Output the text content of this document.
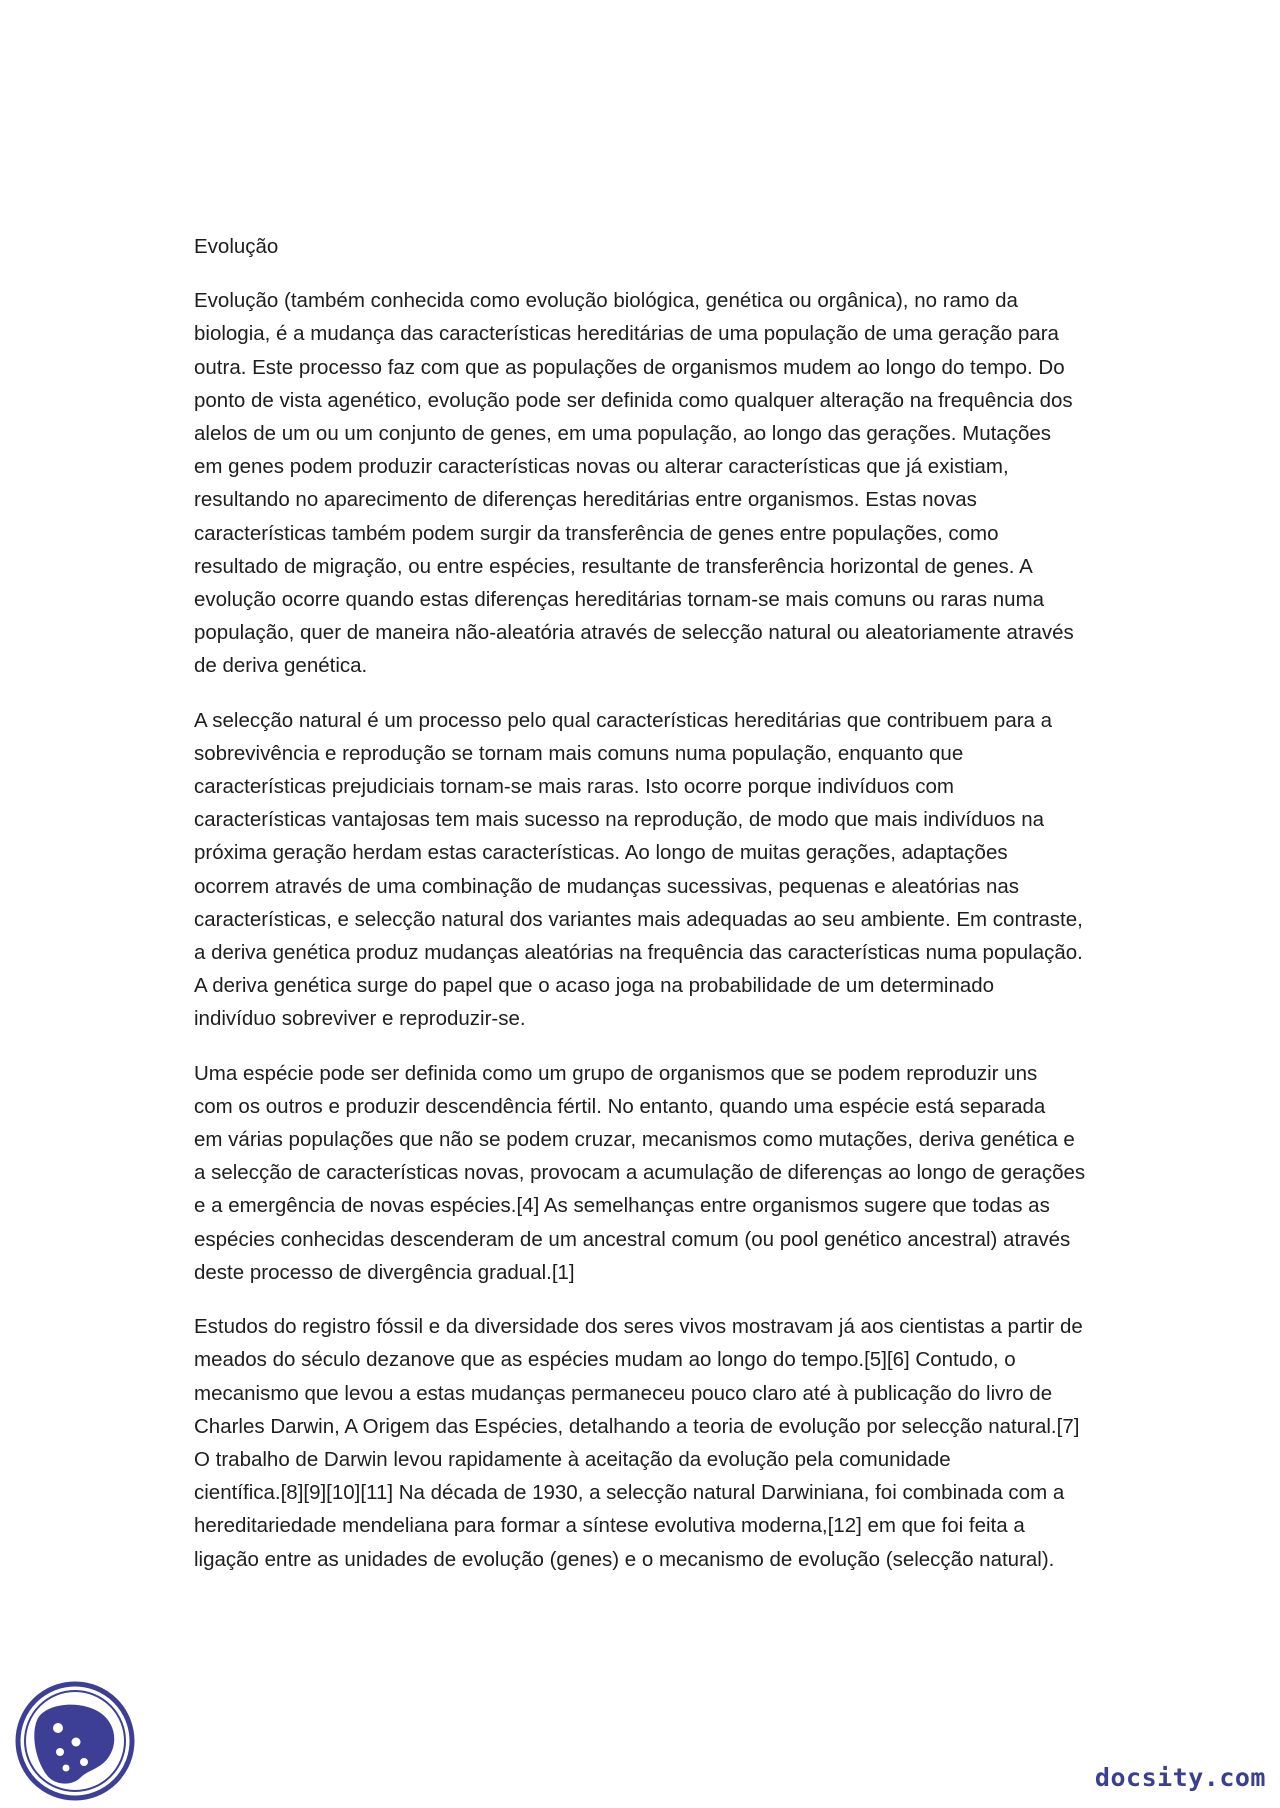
Evolução
Evolução (também conhecida como evolução biológica, genética ou orgânica), no ramo da
biologia, é a mudança das características hereditárias de uma população de uma geração para
outra. Este processo faz com que as populações de organismos mudem ao longo do tempo. Do
ponto de vista agenético, evolução pode ser definida como qualquer alteração na frequência dos
alelos de um ou um conjunto de genes, em uma população, ao longo das gerações. Mutações
em genes podem produzir características novas ou alterar características que já existiam,
resultando no aparecimento de diferenças hereditárias entre organismos. Estas novas
características também podem surgir da transferência de genes entre populações, como
resultado de migração, ou entre espécies, resultante de transferência horizontal de genes. A
evolução ocorre quando estas diferenças hereditárias tornam-se mais comuns ou raras numa
população, quer de maneira não-aleatória através de selecção natural ou aleatoriamente através
de deriva genética.
A selecção natural é um processo pelo qual características hereditárias que contribuem para a
sobrevivência e reprodução se tornam mais comuns numa população, enquanto que
características prejudiciais tornam-se mais raras. Isto ocorre porque indivíduos com
características vantajosas tem mais sucesso na reprodução, de modo que mais indivíduos na
próxima geração herdam estas características. Ao longo de muitas gerações, adaptações
ocorrem através de uma combinação de mudanças sucessivas, pequenas e aleatórias nas
características, e selecção natural dos variantes mais adequadas ao seu ambiente. Em contraste,
a deriva genética produz mudanças aleatórias na frequência das características numa população.
A deriva genética surge do papel que o acaso joga na probabilidade de um determinado
indivíduo sobreviver e reproduzir-se.
Uma espécie pode ser definida como um grupo de organismos que se podem reproduzir uns
com os outros e produzir descendência fértil. No entanto, quando uma espécie está separada
em várias populações que não se podem cruzar, mecanismos como mutações, deriva genética e
a selecção de características novas, provocam a acumulação de diferenças ao longo de gerações
e a emergência de novas espécies.[4] As semelhanças entre organismos sugere que todas as
espécies conhecidas descenderam de um ancestral comum (ou pool genético ancestral) através
deste processo de divergência gradual.[1]
Estudos do registro fóssil e da diversidade dos seres vivos mostravam já aos cientistas a partir de
meados do século dezanove que as espécies mudam ao longo do tempo.[5][6] Contudo, o
mecanismo que levou a estas mudanças permaneceu pouco claro até à publicação do livro de
Charles Darwin, A Origem das Espécies, detalhando a teoria de evolução por selecção natural.[7]
O trabalho de Darwin levou rapidamente à aceitação da evolução pela comunidade
científica.[8][9][10][11] Na década de 1930, a selecção natural Darwiniana, foi combinada com a
hereditariedade mendeliana para formar a síntese evolutiva moderna,[12] em que foi feita a
ligação entre as unidades de evolução (genes) e o mecanismo de evolução (selecção natural).
docsity.com
